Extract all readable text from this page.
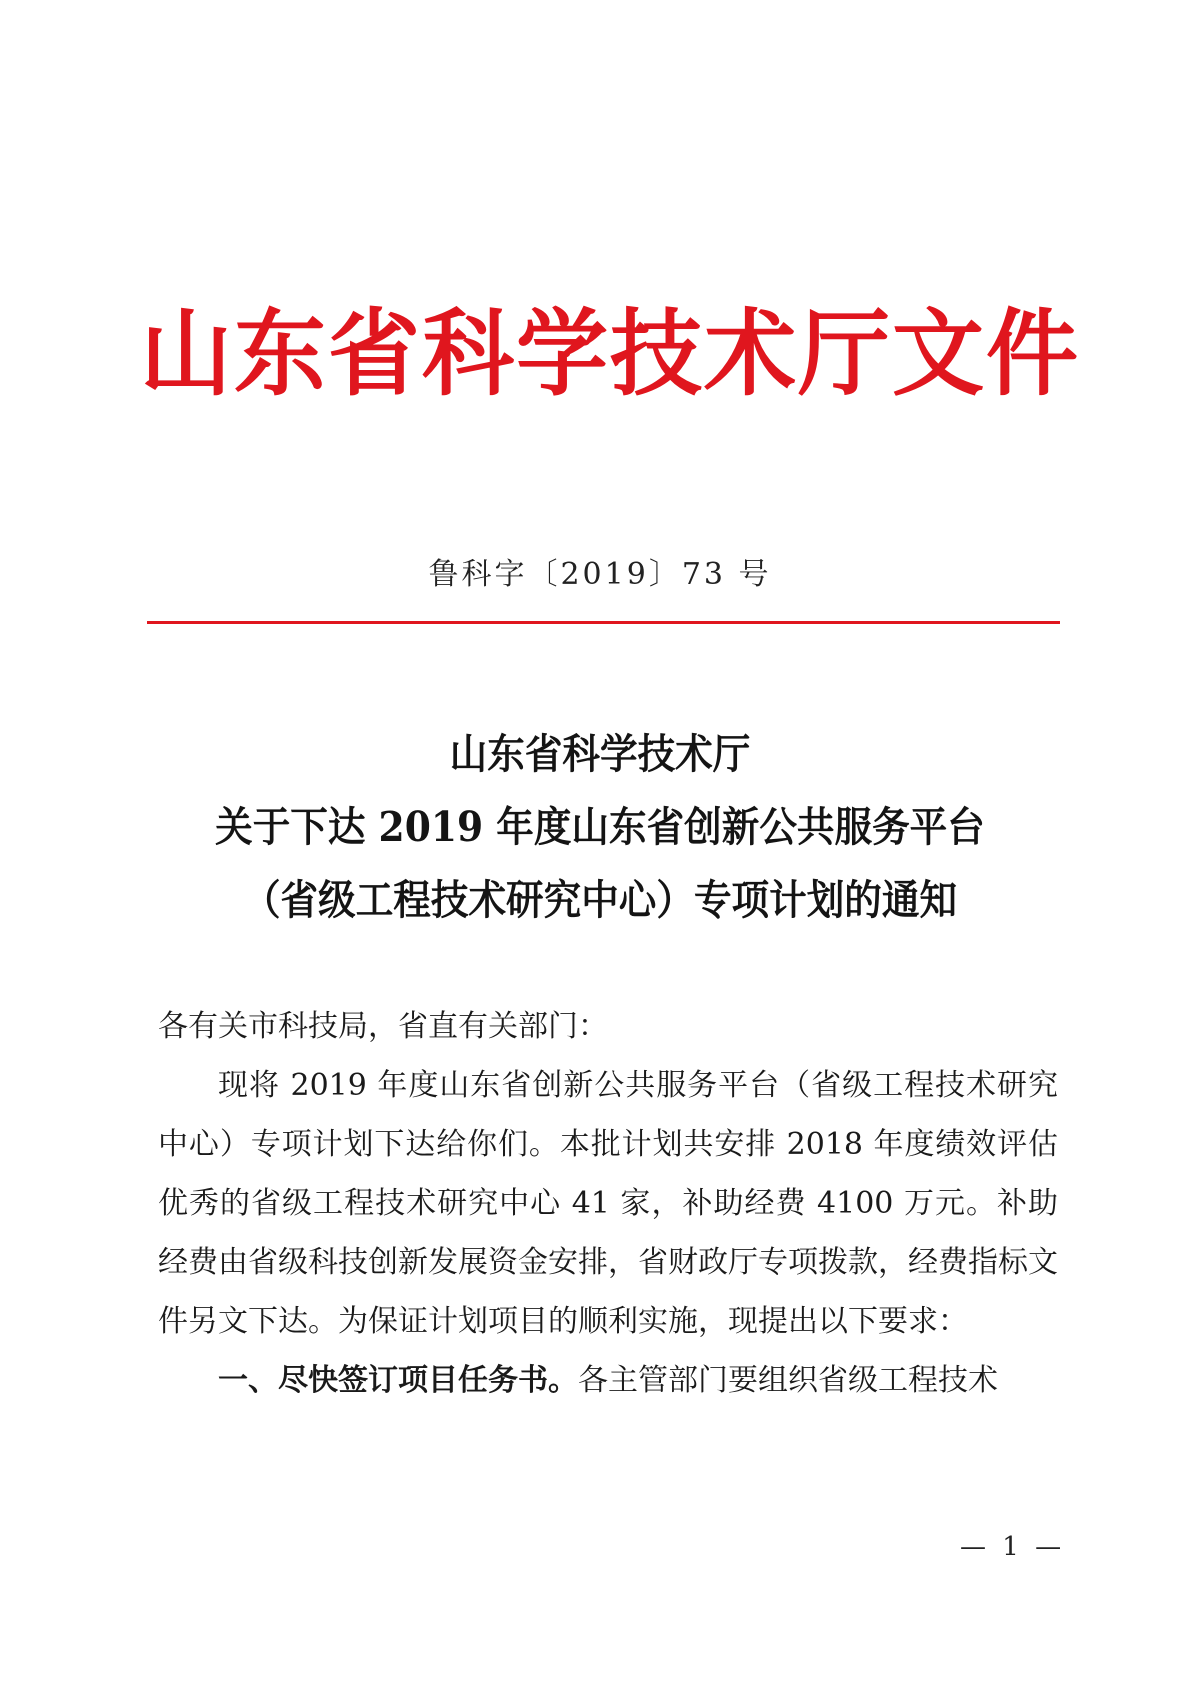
山东省科学技术厅文件
鲁科字〔2019〕73 号
山东省科学技术厅
关于下达 2019 年度山东省创新公共服务平台
（省级工程技术研究中心）专项计划的通知

各有关市科技局，省直有关部门：

现将 2019 年度山东省创新公共服务平台（省级工程技术研究中心）专项计划下达给你们。本批计划共安排 2018 年度绩效评估优秀的省级工程技术研究中心 41 家，补助经费 4100 万元。补助经费由省级科技创新发展资金安排，省财政厅专项拨款，经费指标文件另文下达。为保证计划项目的顺利实施，现提出以下要求：

一、尽快签订项目任务书。各主管部门要组织省级工程技术

— 1 —
